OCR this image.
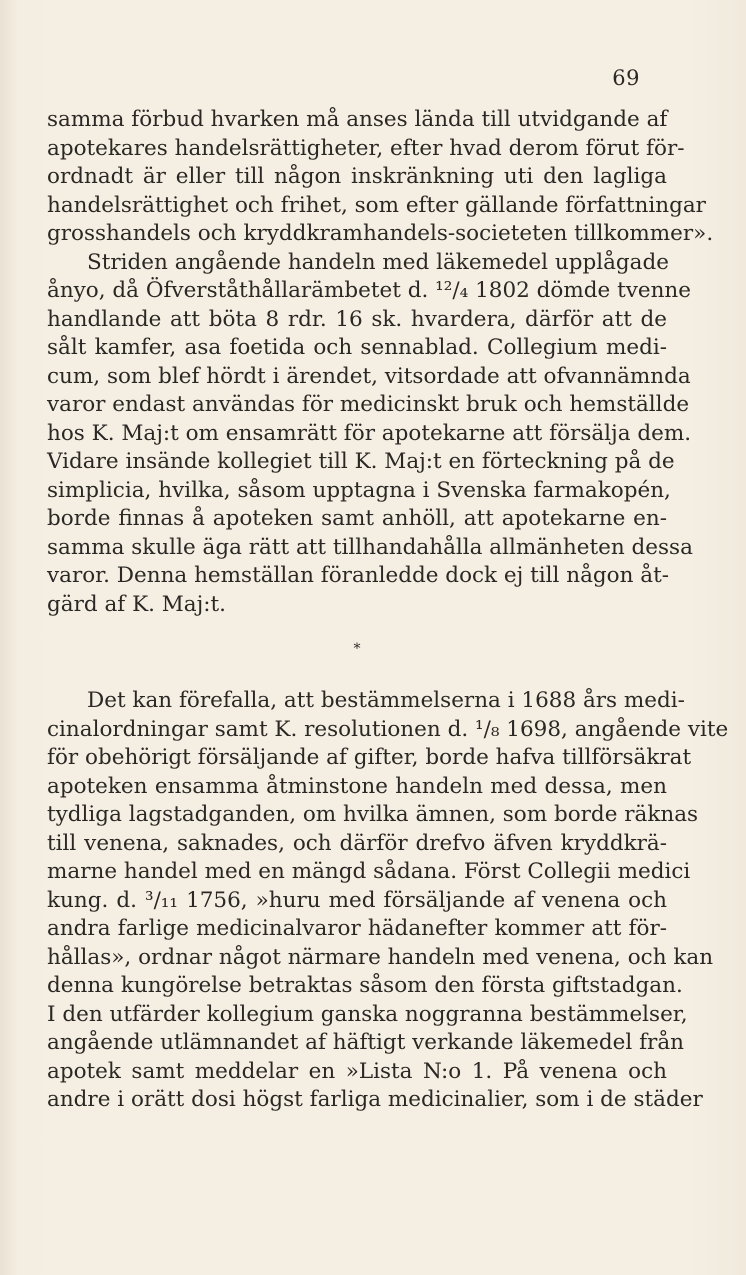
69
samma förbud hvarken må anses lända till utvidgande af
apotekares handelsrättigheter, efter hvad derom förut för-
ordnadt är eller till någon inskränkning uti den lagliga
handelsrättighet och frihet, som efter gällande författningar
grosshandels och kryddkramhandels-societeten tillkommer».
Striden angående handeln med läkemedel upplågade
ånyo, då Öfverståthållarämbetet d. ¹²/₄ 1802 dömde tvenne
handlande att böta 8 rdr. 16 sk. hvardera, därför att de
sålt kamfer, asa foetida och sennablad. Collegium medi-
cum, som blef hördt i ärendet, vitsordade att ofvannämnda
varor endast användas för medicinskt bruk och hemställde
hos K. Maj:t om ensamrätt för apotekarne att försälja dem.
Vidare insände kollegiet till K. Maj:t en förteckning på de
simplicia, hvilka, såsom upptagna i Svenska farmakopén,
borde finnas å apoteken samt anhöll, att apotekarne en-
samma skulle äga rätt att tillhandahålla allmänheten dessa
varor. Denna hemställan föranledde dock ej till någon åt-
gärd af K. Maj:t.
*
Det kan förefalla, att bestämmelserna i 1688 års medi-
cinalordningar samt K. resolutionen d. ¹/₈ 1698, angående vite
för obehörigt försäljande af gifter, borde hafva tillförsäkrat
apoteken ensamma åtminstone handeln med dessa, men
tydliga lagstadganden, om hvilka ämnen, som borde räknas
till venena, saknades, och därför drefvo äfven kryddkrä-
marne handel med en mängd sådana. Först Collegii medici
kung. d. ³/₁₁ 1756, »huru med försäljande af venena och
andra farlige medicinalvaror hädanefter kommer att för-
hållas», ordnar något närmare handeln med venena, och kan
denna kungörelse betraktas såsom den första giftstadgan.
I den utfärder kollegium ganska noggranna bestämmelser,
angående utlämnandet af häftigt verkande läkemedel från
apotek samt meddelar en »Lista N:o 1. På venena och
andre i orätt dosi högst farliga medicinalier, som i de städer
